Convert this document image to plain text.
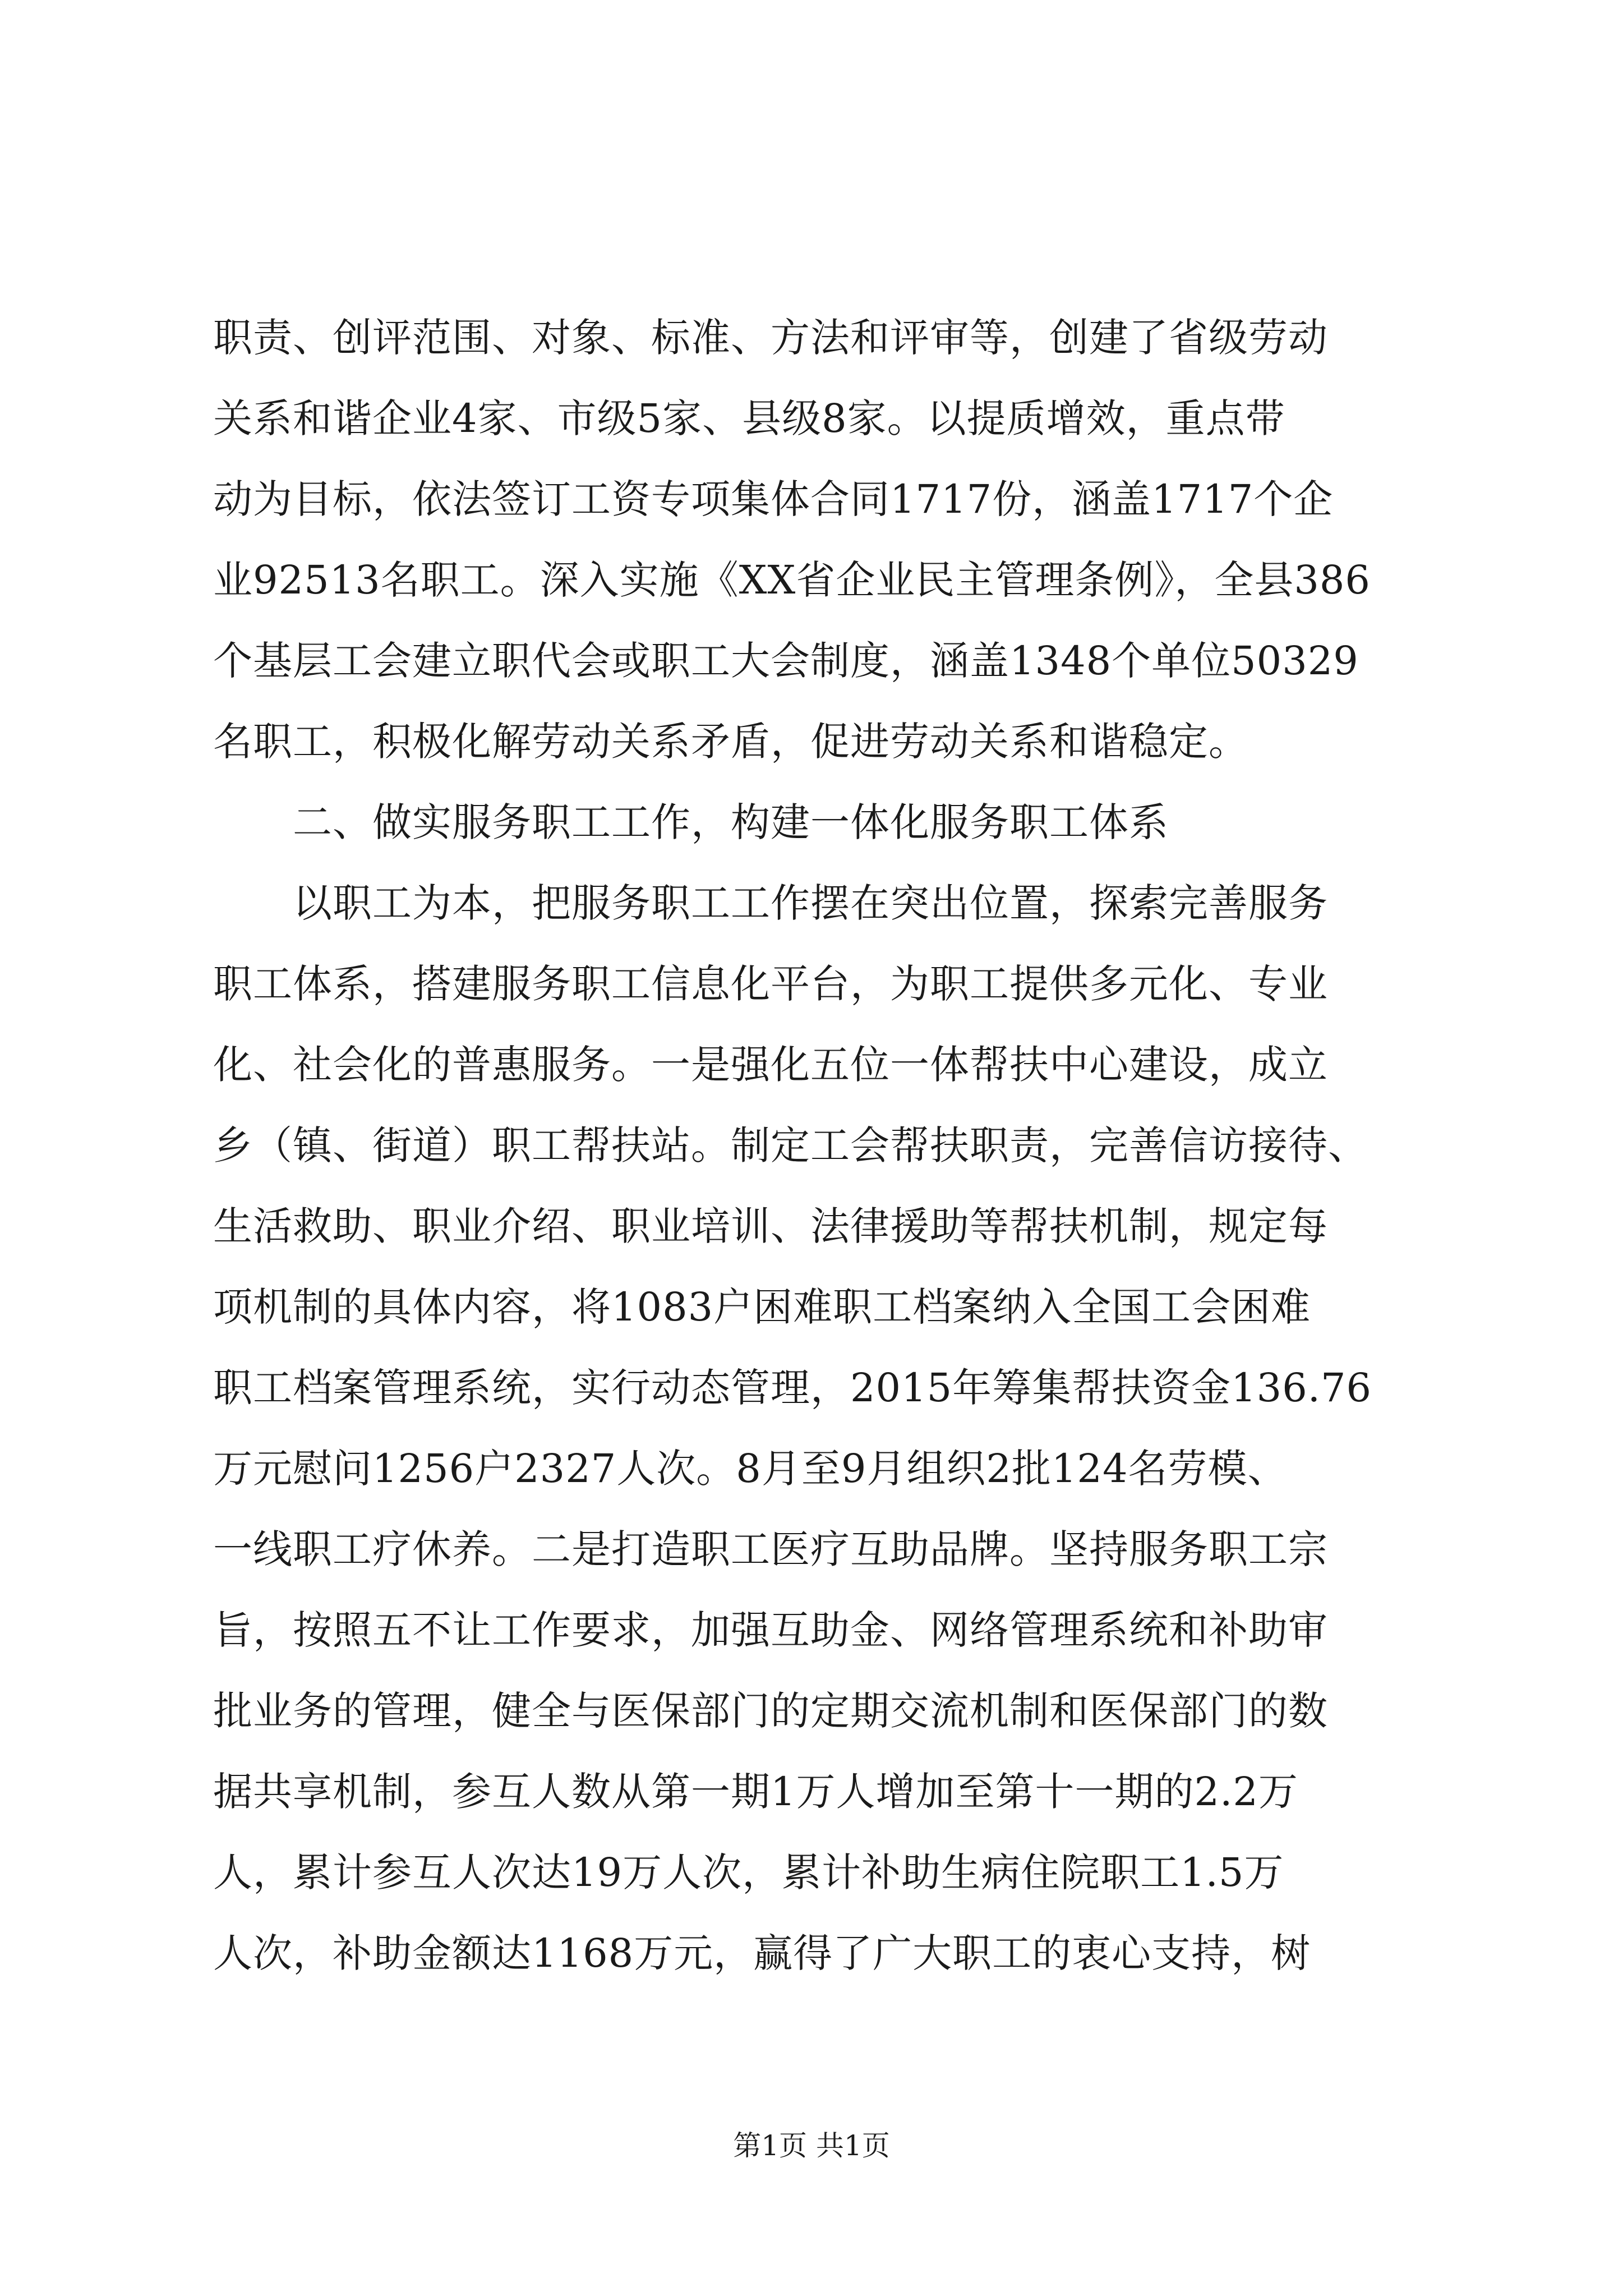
职责、创评范围、对象、标准、方法和评审等，创建了省级劳动
关系和谐企业4家、市级5家、县级8家。以提质增效，重点带
动为目标，依法签订工资专项集体合同1717份，涵盖1717个企
业92513名职工。深入实施《XX省企业民主管理条例》，全县386
个基层工会建立职代会或职工大会制度，涵盖1348个单位50329
名职工，积极化解劳动关系矛盾，促进劳动关系和谐稳定。
　　二、做实服务职工工作，构建一体化服务职工体系
　　以职工为本，把服务职工工作摆在突出位置，探索完善服务
职工体系，搭建服务职工信息化平台，为职工提供多元化、专业
化、社会化的普惠服务。一是强化五位一体帮扶中心建设，成立
乡（镇、街道）职工帮扶站。制定工会帮扶职责，完善信访接待、
生活救助、职业介绍、职业培训、法律援助等帮扶机制，规定每
项机制的具体内容，将1083户困难职工档案纳入全国工会困难
职工档案管理系统，实行动态管理，2015年筹集帮扶资金136.76
万元慰问1256户2327人次。8月至9月组织2批124名劳模、
一线职工疗休养。二是打造职工医疗互助品牌。坚持服务职工宗
旨，按照五不让工作要求，加强互助金、网络管理系统和补助审
批业务的管理，健全与医保部门的定期交流机制和医保部门的数
据共享机制，参互人数从第一期1万人增加至第十一期的2.2万
人，累计参互人次达19万人次，累计补助生病住院职工1.5万
人次，补助金额达1168万元，赢得了广大职工的衷心支持，树
第1页 共1页
